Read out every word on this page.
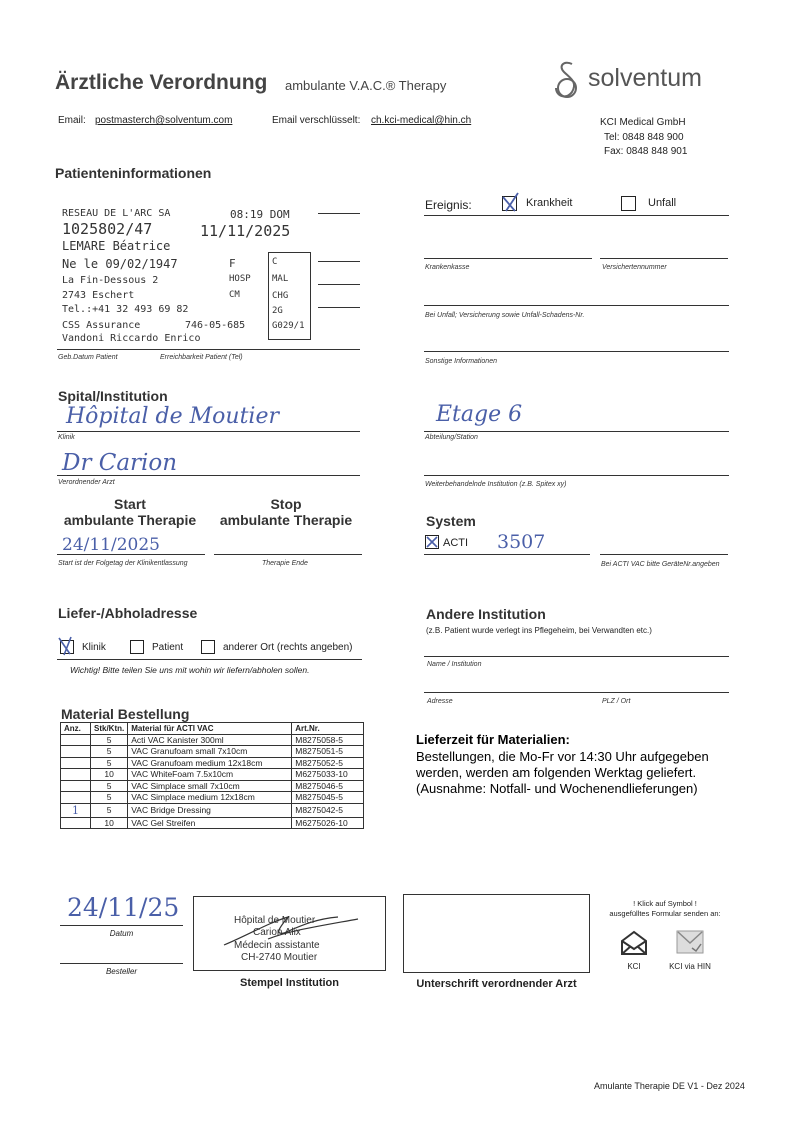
Ärztliche Verordnung ambulante V.A.C.® Therapy	solventum
KCI Medical GmbH
Tel: 0848 848 900
Fax: 0848 848 901
Email: postmasterch@solventum.com	Email verschlüsselt: ch.kci-medical@hin.ch
Patienteninformationen
RESEAU DE L'ARC SA	08:19 DOM
1025802/47	11/11/2025
LEMARE Béatrice
Ne le 09/02/1947	F
La Fin-Dessous 2	HOSP
2743 Eschert	CM
Tel.:+41 32 493 69 82
CSS Assurance	746-05-685
Vandoni Riccardo Enrico
C
MAL
CHG
2G
G029/1
Geb.Datum Patient	Erreichbarkeit Patient (Tel)
Ereignis:	Krankheit	Unfall
Krankenkasse	Versichertennummer
Bei Unfall; Versicherung sowie Unfall-Schadens-Nr.
Sonstige Informationen
Spital/Institution
Hôpital de Moutier
Klinik
Etage 6
Abteilung/Station
Dr Carion
Verordnender Arzt	Weiterbehandelnde Institution (z.B. Spitex xy)
Start
ambulante Therapie
Stop
ambulante Therapie
24/11/2025
Start ist der Folgetag der Klinikentlassung	Therapie Ende
System
ACTI 3507
Bei ACTI VAC bitte GeräteNr.angeben
Liefer-/Abholadresse
Klinik	Patient	anderer Ort (rechts angeben)
Wichtig! Bitte teilen Sie uns mit wohin wir liefern/abholen sollen.
Andere Institution
(z.B. Patient wurde verlegt ins Pflegeheim, bei Verwandten etc.)
Name / Institution
Adresse	PLZ / Ort
Material Bestellung
Anz.	Stk/Ktn.	Material für ACTI VAC	Art.Nr.
	5	Acti VAC Kanister 300ml	M8275058-5
	5	VAC Granufoam small 7x10cm	M8275051-5
	5	VAC Granufoam medium 12x18cm	M8275052-5
	10	VAC WhiteFoam 7.5x10cm	M6275033-10
	5	VAC Simplace small 7x10cm	M8275046-5
	5	VAC Simplace medium 12x18cm	M8275045-5
1	5	VAC Bridge Dressing	M8275042-5
	10	VAC Gel Streifen	M6275026-10
Lieferzeit für Materialien:
Bestellungen, die Mo-Fr vor 14:30 Uhr aufgegeben
werden, werden am folgenden Werktag geliefert.
(Ausnahme: Notfall- und Wochenendlieferungen)
24/11/25
Datum
Besteller
Hôpital de Moutier
Carion Alix
Médecin assistante
CH-2740 Moutier
Stempel Institution	Unterschrift verordnender Arzt
! Klick auf Symbol !
ausgefülltes Formular senden an:
KCI	KCI via HIN
Amulante Therapie DE V1 - Dez 2024
